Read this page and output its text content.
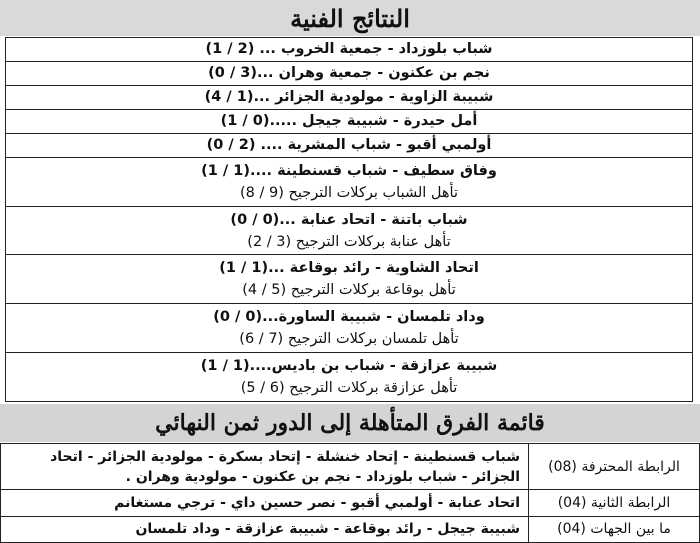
النتائج الفنية
شباب بلوزداد - جمعية الخروب ... (2 / 1)
نجم بن عكنون - جمعية وهران ...(3 / 0)
شبيبة الزاوية - مولودية الجزائر ...(1 / 4)
أمل حيدرة - شبيبة جيجل .....(0 / 1)
أولمبي أقبو - شباب المشرية .... (2 / 0)
وفاق سطيف - شباب قسنطينة ....(1 / 1)
تأهل الشباب بركلات الترجيح (9 / 8)
شباب باتنة - اتحاد عنابة ...(0 / 0)
تأهل عنابة بركلات الترجيح (3 / 2)
اتحاد الشاوية - رائد بوقاعة ...(1 / 1)
تأهل بوقاعة بركلات الترجيح (5 / 4)
وداد تلمسان - شبيبة الساورة...(0 / 0)
تأهل تلمسان بركلات الترجيح (7 / 6)
شبيبة عزازقة - شباب بن باديس....(1 / 1)
تأهل عزازقة بركلات الترجيح (6 / 5)
قائمة الفرق المتأهلة إلى الدور ثمن النهائي
الرابطة المحترفة (08)
شباب قسنطينة - إتحاد خنشلة - إتحاد بسكرة - مولودية الجزائر - اتحاد الجزائر - شباب بلوزداد - نجم بن عكنون - مولودية وهران .
الرابطة الثانية (04)
اتحاد عنابة - أولمبي أقبو - نصر حسين داي - ترجي مستغانم
ما بين الجهات (04)
شبيبة جيجل - رائد بوقاعة - شبيبة عزازقة - وداد تلمسان
